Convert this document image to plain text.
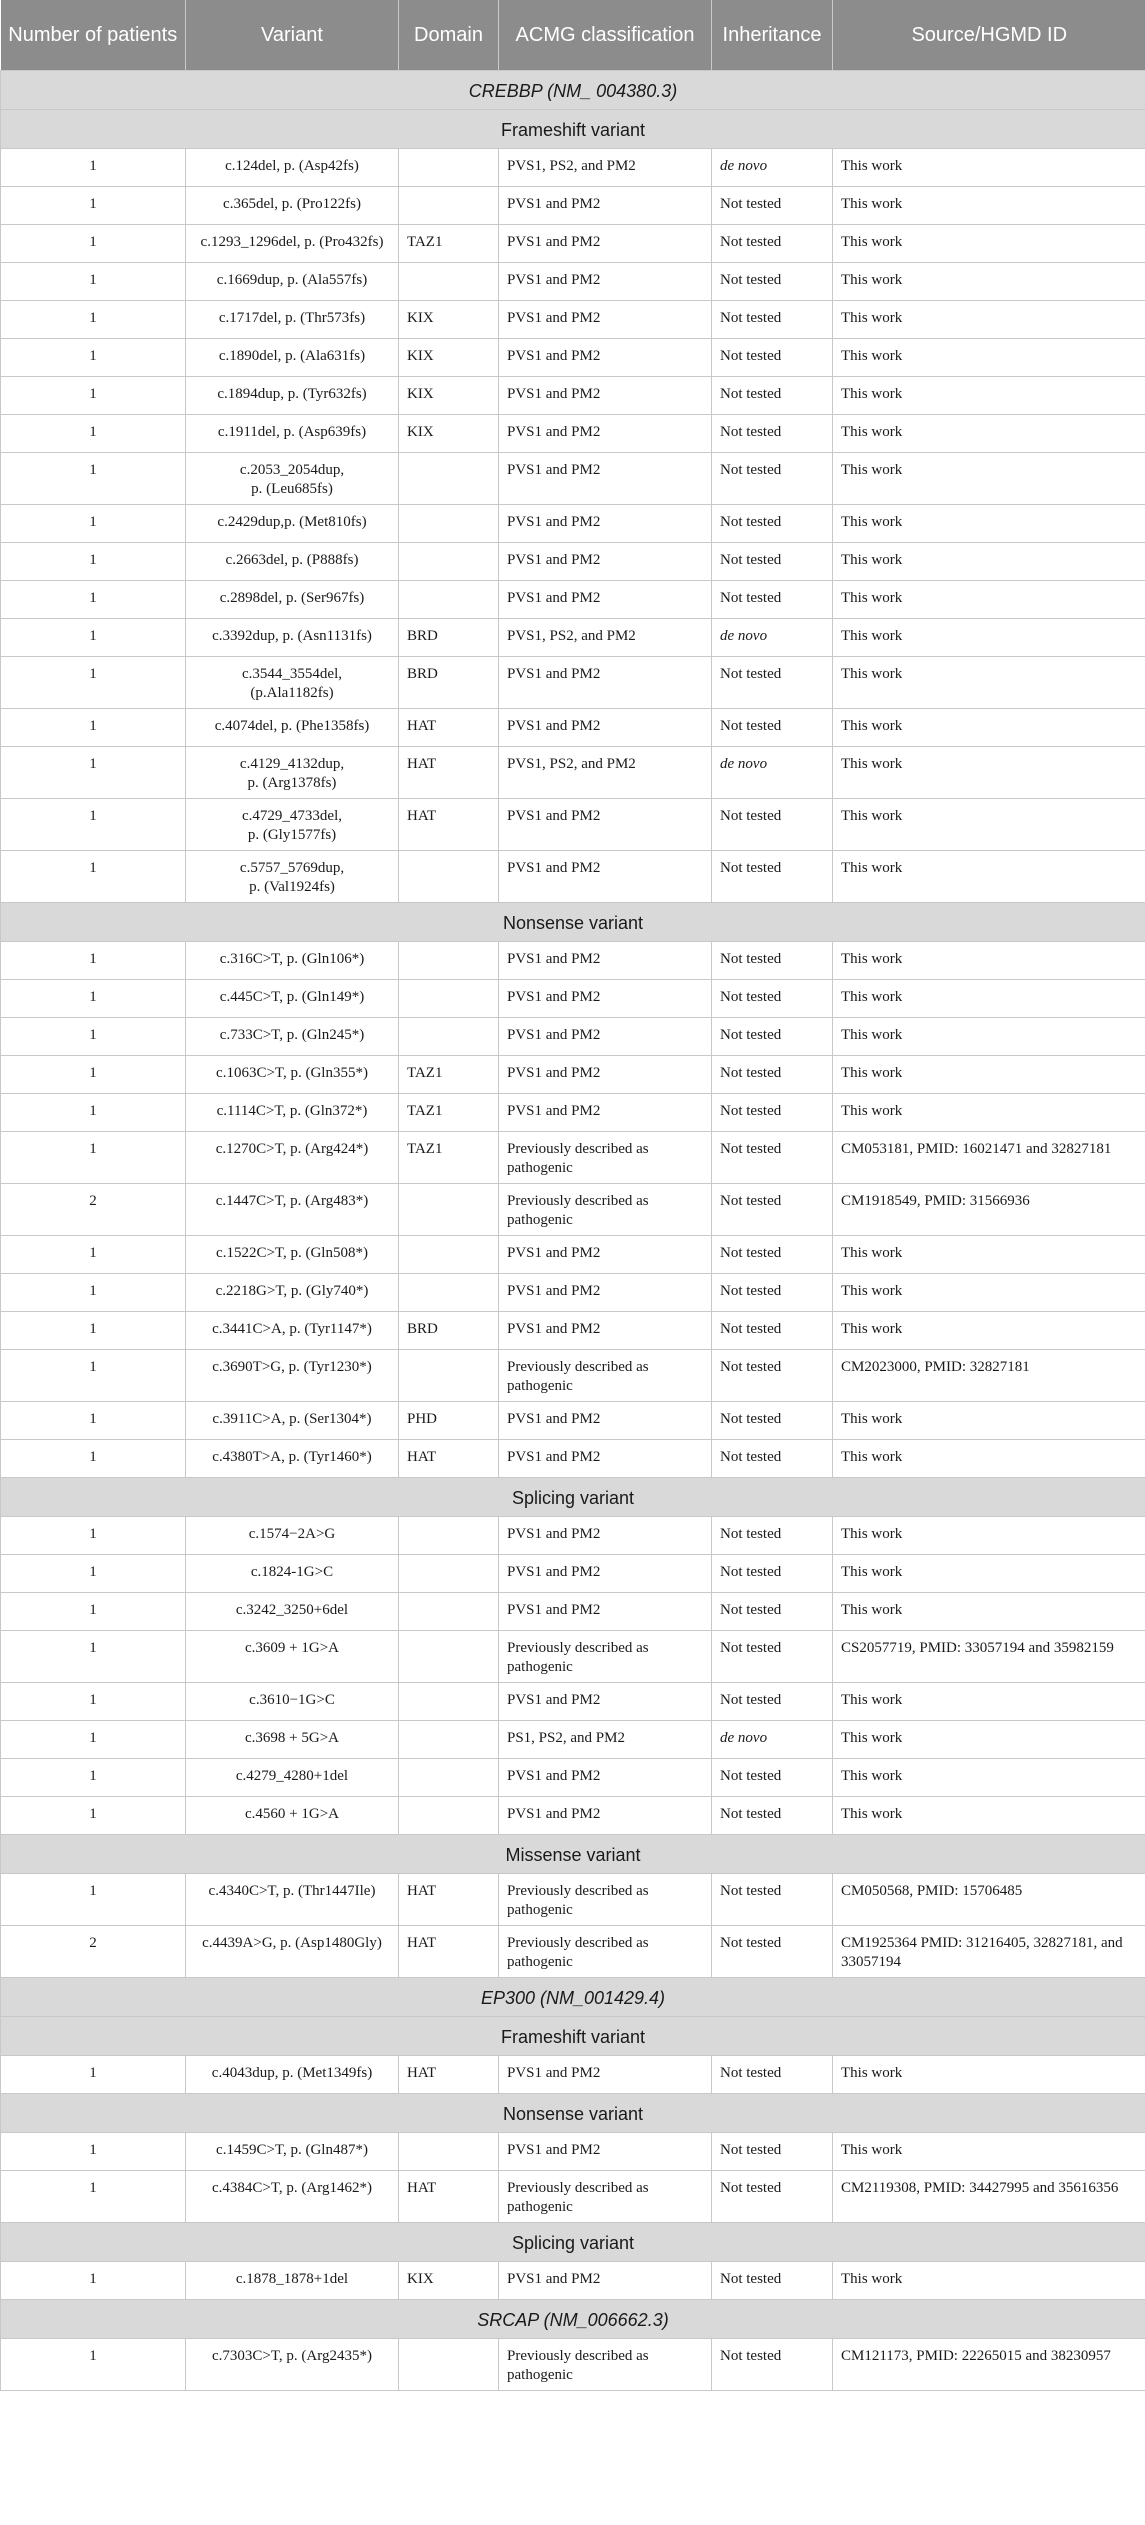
Number of patients	Variant	Domain	ACMG classification	Inheritance	Source/HGMD ID
CREBBP (NM_ 004380.3)					
Frameshift variant					
1	c.124del, p. (Asp42fs)		PVS1, PS2, and PM2	de novo	This work
1	c.365del, p. (Pro122fs)		PVS1 and PM2	Not tested	This work
1	c.1293_1296del, p. (Pro432fs)	TAZ1	PVS1 and PM2	Not tested	This work
1	c.1669dup, p. (Ala557fs)		PVS1 and PM2	Not tested	This work
1	c.1717del, p. (Thr573fs)	KIX	PVS1 and PM2	Not tested	This work
1	c.1890del, p. (Ala631fs)	KIX	PVS1 and PM2	Not tested	This work
1	c.1894dup, p. (Tyr632fs)	KIX	PVS1 and PM2	Not tested	This work
1	c.1911del, p. (Asp639fs)	KIX	PVS1 and PM2	Not tested	This work
1	c.2053_2054dup,
p. (Leu685fs)		PVS1 and PM2	Not tested	This work
1	c.2429dup,p. (Met810fs)		PVS1 and PM2	Not tested	This work
1	c.2663del, p. (P888fs)		PVS1 and PM2	Not tested	This work
1	c.2898del, p. (Ser967fs)		PVS1 and PM2	Not tested	This work
1	c.3392dup, p. (Asn1131fs)	BRD	PVS1, PS2, and PM2	de novo	This work
1	c.3544_3554del,
(p.Ala1182fs)	BRD	PVS1 and PM2	Not tested	This work
1	c.4074del, p. (Phe1358fs)	HAT	PVS1 and PM2	Not tested	This work
1	c.4129_4132dup,
p. (Arg1378fs)	HAT	PVS1, PS2, and PM2	de novo	This work
1	c.4729_4733del,
p. (Gly1577fs)	HAT	PVS1 and PM2	Not tested	This work
1	c.5757_5769dup,
p. (Val1924fs)		PVS1 and PM2	Not tested	This work
Nonsense variant					
1	c.316C>T, p. (Gln106*)		PVS1 and PM2	Not tested	This work
1	c.445C>T, p. (Gln149*)		PVS1 and PM2	Not tested	This work
1	c.733C>T, p. (Gln245*)		PVS1 and PM2	Not tested	This work
1	c.1063C>T, p. (Gln355*)	TAZ1	PVS1 and PM2	Not tested	This work
1	c.1114C>T, p. (Gln372*)	TAZ1	PVS1 and PM2	Not tested	This work
1	c.1270C>T, p. (Arg424*)	TAZ1	Previously described as pathogenic	Not tested	CM053181, PMID: 16021471 and 32827181
2	c.1447C>T, p. (Arg483*)		Previously described as pathogenic	Not tested	CM1918549, PMID: 31566936
1	c.1522C>T, p. (Gln508*)		PVS1 and PM2	Not tested	This work
1	c.2218G>T, p. (Gly740*)		PVS1 and PM2	Not tested	This work
1	c.3441C>A, p. (Tyr1147*)	BRD	PVS1 and PM2	Not tested	This work
1	c.3690T>G, p. (Tyr1230*)		Previously described as pathogenic	Not tested	CM2023000, PMID: 32827181
1	c.3911C>A, p. (Ser1304*)	PHD	PVS1 and PM2	Not tested	This work
1	c.4380T>A, p. (Tyr1460*)	HAT	PVS1 and PM2	Not tested	This work
Splicing variant					
1	c.1574−2A>G		PVS1 and PM2	Not tested	This work
1	c.1824-1G>C		PVS1 and PM2	Not tested	This work
1	c.3242_3250+6del		PVS1 and PM2	Not tested	This work
1	c.3609 + 1G>A		Previously described as pathogenic	Not tested	CS2057719, PMID: 33057194 and 35982159
1	c.3610−1G>C		PVS1 and PM2	Not tested	This work
1	c.3698 + 5G>A		PS1, PS2, and PM2	de novo	This work
1	c.4279_4280+1del		PVS1 and PM2	Not tested	This work
1	c.4560 + 1G>A		PVS1 and PM2	Not tested	This work
Missense variant					
1	c.4340C>T, p. (Thr1447Ile)	HAT	Previously described as pathogenic	Not tested	CM050568, PMID: 15706485
2	c.4439A>G, p. (Asp1480Gly)	HAT	Previously described as pathogenic	Not tested	CM1925364 PMID: 31216405, 32827181, and 33057194
EP300 (NM_001429.4)					
Frameshift variant					
1	c.4043dup, p. (Met1349fs)	HAT	PVS1 and PM2	Not tested	This work
Nonsense variant					
1	c.1459C>T, p. (Gln487*)		PVS1 and PM2	Not tested	This work
1	c.4384C>T, p. (Arg1462*)	HAT	Previously described as pathogenic	Not tested	CM2119308, PMID: 34427995 and 35616356
Splicing variant					
1	c.1878_1878+1del	KIX	PVS1 and PM2	Not tested	This work
SRCAP (NM_006662.3)					
1	c.7303C>T, p. (Arg2435*)		Previously described as pathogenic	Not tested	CM121173, PMID: 22265015 and 38230957
